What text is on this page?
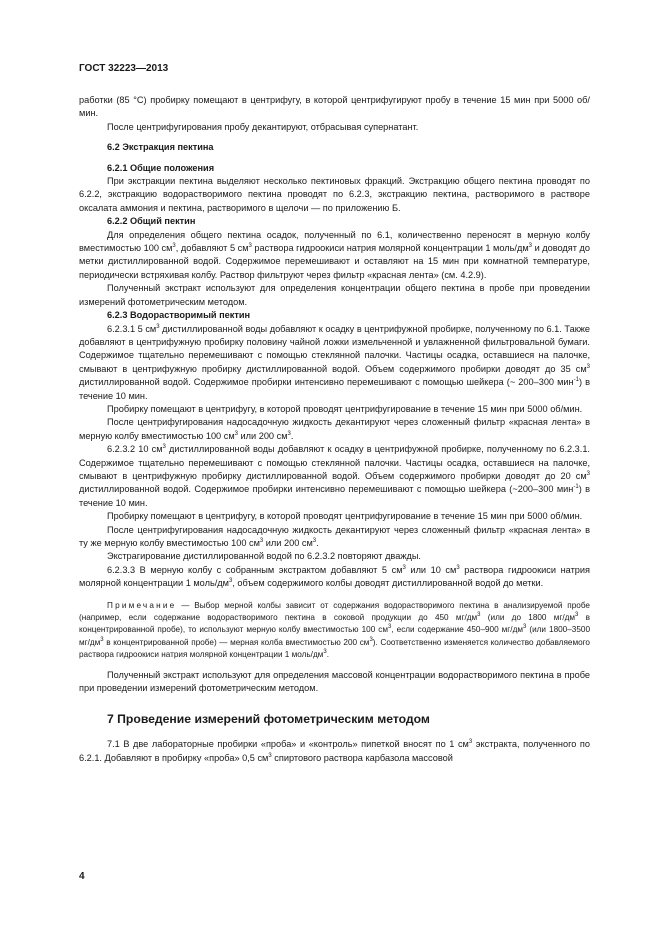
ГОСТ 32223—2013

работки (85 °С) пробирку помещают в центрифугу, в которой центрифугируют пробу в течение 15 мин при 5000 об/мин.

После центрифугирования пробу декантируют, отбрасывая супернатант.

6.2 Экстракция пектина

6.2.1 Общие положения

При экстракции пектина выделяют несколько пектиновых фракций. Экстракцию общего пектина проводят по 6.2.2, экстракцию водорастворимого пектина проводят по 6.2.3, экстракцию пектина, растворимого в растворе оксалата аммония и пектина, растворимого в щелочи — по приложению Б.

6.2.2 Общий пектин

Для определения общего пектина осадок, полученный по 6.1, количественно переносят в мерную колбу вместимостью 100 $см^3$, добавляют 5 $см^3$ раствора гидроокиси натрия молярной концентрации 1 моль/$дм^3$ и доводят до метки дистиллированной водой. Содержимое перемешивают и оставляют на 15 мин при комнатной температуре, периодически встряхивая колбу. Раствор фильтруют через фильтр «красная лента» (см. 4.2.9).

Полученный экстракт используют для определения концентрации общего пектина в пробе при проведении измерений фотометрическим методом.

6.2.3 Водорастворимый пектин

6.2.3.1 5 $см^3$ дистиллированной воды добавляют к осадку в центрифужной пробирке, полученному по 6.1. Также добавляют в центрифужную пробирку половину чайной ложки измельченной и увлажненной фильтровальной бумаги. Содержимое тщательно перемешивают с помощью стеклянной палочки. Частицы осадка, оставшиеся на палочке, смывают в центрифужную пробирку дистиллированной водой. Объем содержимого пробирки доводят до 35 $см^3$ дистиллированной водой. Содержимое пробирки интенсивно перемешивают с помощью шейкера (~ 200–300 мин$^{-1}$) в течение 10 мин.

Пробирку помещают в центрифугу, в которой проводят центрифугирование в течение 15 мин при 5000 об/мин.

После центрифугирования надосадочную жидкость декантируют через сложенный фильтр «красная лента» в мерную колбу вместимостью 100 $см^3$ или 200 $см^3$.

6.2.3.2 10 $см^3$ дистиллированной воды добавляют к осадку в центрифужной пробирке, полученному по 6.2.3.1. Содержимое тщательно перемешивают с помощью стеклянной палочки. Частицы осадка, оставшиеся на палочке, смывают в центрифужную пробирку дистиллированной водой. Объем содержимого пробирки доводят до 20 $см^3$ дистиллированной водой. Содержимое пробирки интенсивно перемешивают с помощью шейкера (~200–300 мин$^{-1}$) в течение 10 мин.

Пробирку помещают в центрифугу, в которой проводят центрифугирование в течение 15 мин при 5000 об/мин.

После центрифугирования надосадочную жидкость декантируют через сложенный фильтр «красная лента» в ту же мерную колбу вместимостью 100 $см^3$ или 200 $см^3$.

Экстрагирование дистиллированной водой по 6.2.3.2 повторяют дважды.

6.2.3.3 В мерную колбу с собранным экстрактом добавляют 5 $см^3$ или 10 $см^3$ раствора гидроокиси натрия молярной концентрации 1 моль/$дм^3$, объем содержимого колбы доводят дистиллированной водой до метки.

Примечание — Выбор мерной колбы зависит от содержания водорастворимого пектина в анализируемой пробе (например, если содержание водорастворимого пектина в соковой продукции до 450 $мг/дм^3$ (или до 1800 $мг/дм^3$ в концентрированной пробе), то используют мерную колбу вместимостью 100 $см^3$, если содержание 450–900 $мг/дм^3$ (или 1800–3500 $мг/дм^3$ в концентрированной пробе) — мерная колба вместимостью 200 $см^3$). Соответственно изменяется количество добавляемого раствора гидроокиси натрия молярной концентрации 1 моль/$дм^3$.

Полученный экстракт используют для определения массовой концентрации водорастворимого пектина в пробе при проведении измерений фотометрическим методом.

7 Проведение измерений фотометрическим методом

7.1 В две лабораторные пробирки «проба» и «контроль» пипеткой вносят по 1 $см^3$ экстракта, полученного по 6.2.1. Добавляют в пробирку «проба» 0,5 $см^3$ спиртового раствора карбазола массовой

4
